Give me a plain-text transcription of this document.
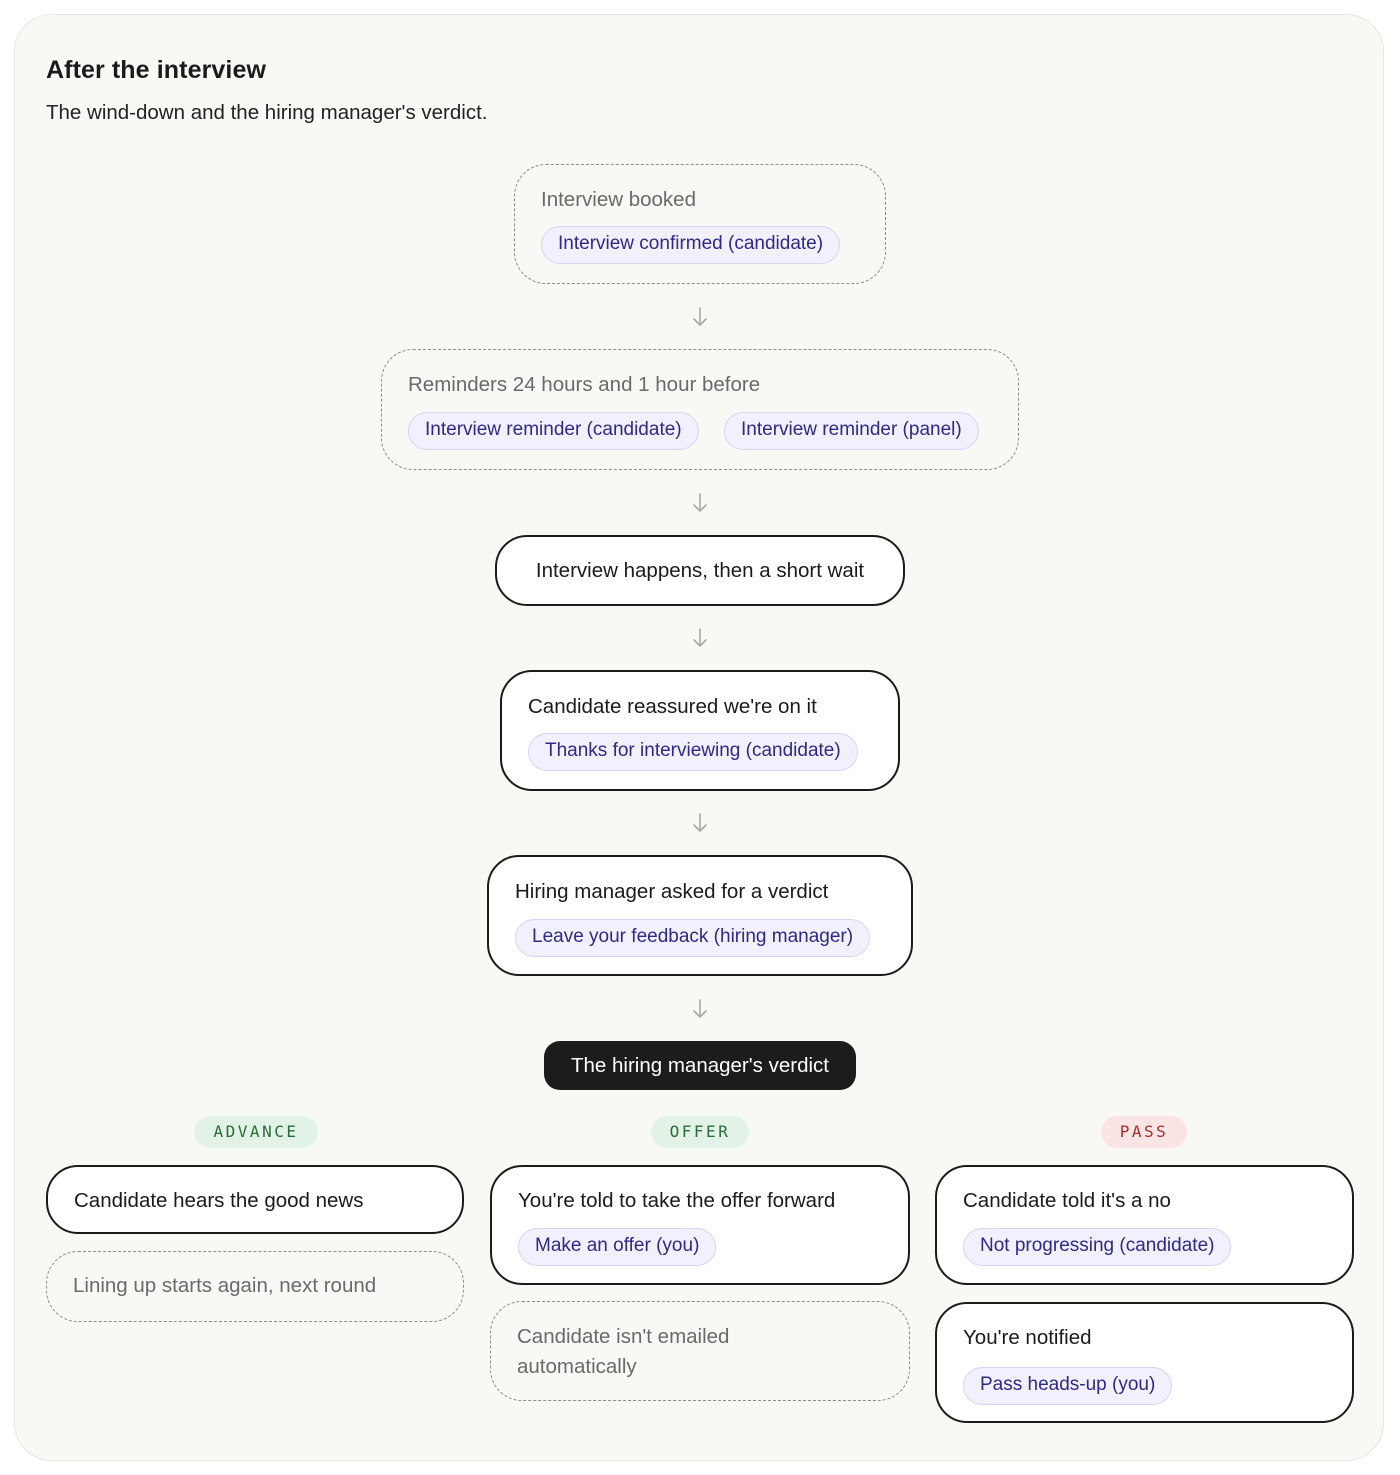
After the interview
The wind-down and the hiring manager's verdict.
Interview booked
Interview confirmed (candidate)
Reminders 24 hours and 1 hour before
Interview reminder (candidate)	Interview reminder (panel)
Interview happens, then a short wait
Candidate reassured we're on it
Thanks for interviewing (candidate)
Hiring manager asked for a verdict
Leave your feedback (hiring manager)
The hiring manager's verdict
ADVANCE	OFFER	PASS
Candidate hears the good news
Lining up starts again, next round
You're told to take the offer forward
Make an offer (you)
Candidate isn't emailed
automatically
Candidate told it's a no
Not progressing (candidate)
You're notified
Pass heads-up (you)
